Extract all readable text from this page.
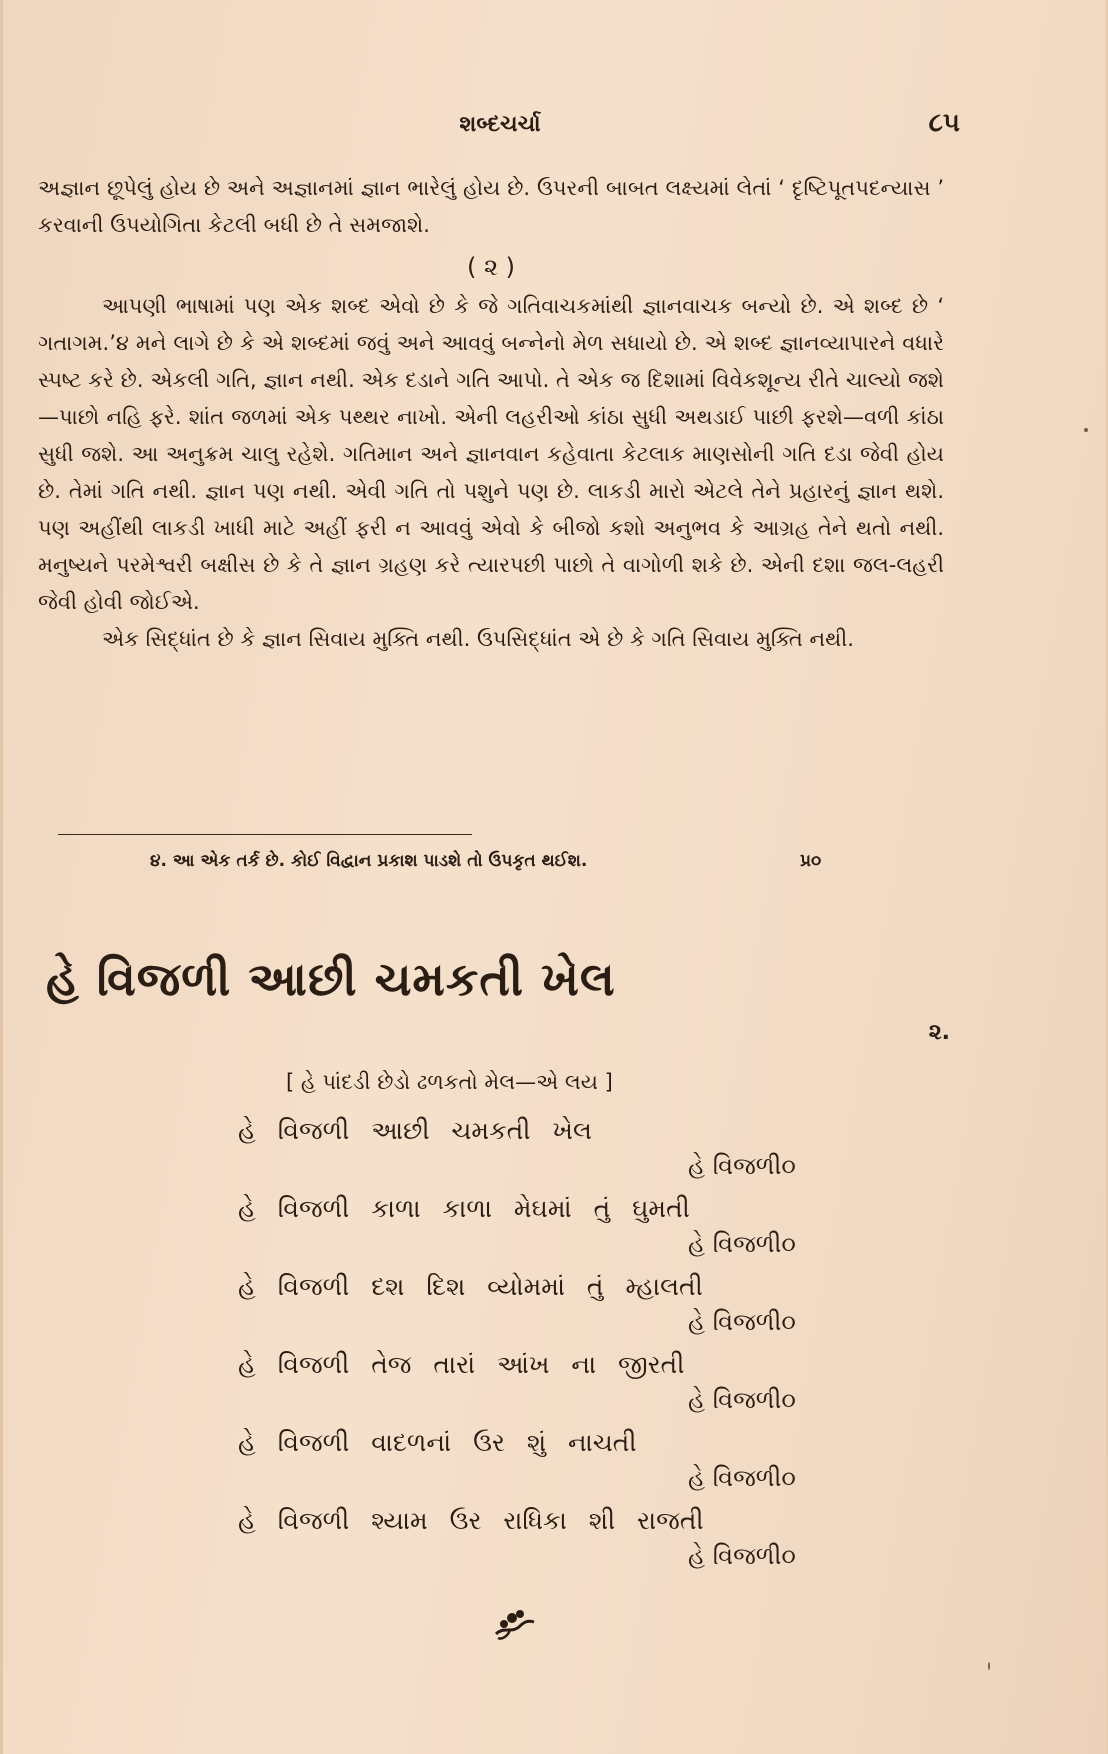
શબ્દચર્ચા	૮૫

અજ્ઞાન છૂપેલું હોય છે અને અજ્ઞાનમાં જ્ઞાન ભારેલું હોય છે. ઉપરની બાબત લક્ષ્યમાં લેતાં ‘ દૃષ્ટિપૂતપદન્યાસ ’ કરવાની ઉપયોગિતા કેટલી બધી છે તે સમજાશે.

( ૨ )

આપણી ભાષામાં પણ એક શબ્દ એવો છે કે જે ગતિવાચકમાંથી જ્ઞાનવાચક બન્યો છે. એ શબ્દ છે ‘ ગતાગમ.’૪ મને લાગે છે કે એ શબ્દમાં જવું અને આવવું બન્નેનો મેળ સધાયો છે. એ શબ્દ જ્ઞાનવ્યાપારને વધારે સ્પષ્ટ કરે છે. એકલી ગતિ, જ્ઞાન નથી. એક દડાને ગતિ આપો. તે એક જ દિશામાં વિવેકશૂન્ય રીતે ચાલ્યો જશે—પાછો નહિ ફરે. શાંત જળમાં એક પથ્થર નાખો. એની લહરીઓ કાંઠા સુધી અથડાઈ પાછી ફરશે—વળી કાંઠા સુધી જશે. આ અનુક્રમ ચાલુ રહેશે. ગતિમાન અને જ્ઞાનવાન કહેવાતા કેટલાક માણસોની ગતિ દડા જેવી હોય છે. તેમાં ગતિ નથી. જ્ઞાન પણ નથી. એવી ગતિ તો પશુને પણ છે. લાકડી મારો એટલે તેને પ્રહારનું જ્ઞાન થશે. પણ અહીંથી લાકડી ખાધી માટે અહીં ફરી ન આવવું એવો કે બીજો કશો અનુભવ કે આગ્રહ તેને થતો નથી. મનુષ્યને પરમેશ્વરી બક્ષીસ છે કે તે જ્ઞાન ગ્રહણ કરે ત્યારપછી પાછો તે વાગોળી શકે છે. એની દશા જલ-લહરી જેવી હોવી જોઈએ.

એક સિદ્ધાંત છે કે જ્ઞાન સિવાય મુક્તિ નથી. ઉપસિદ્ધાંત એ છે કે ગતિ સિવાય મુક્તિ નથી.

૪. આ એક તર્ક છે. કોઈ વિદ્વાન પ્રકાશ પાડશે તો ઉપકૃત થઈશ.	પ્ર૦
હે વિજળી આછી ચમકતી ખેલ
૨.
[ હે પાંદડી છેડો ઢળકતો મેલ—એ લય ]
હે વિજળી આછી ચમકતી ખેલ
હે વિજળી૦
હે વિજળી કાળા કાળા મેઘમાં તું ઘુમતી
હે વિજળી૦
હે વિજળી દશ દિશ વ્યોમમાં તું મ્હાલતી
હે વિજળી૦
હે વિજળી તેજ તારાં આંખ ના જીરતી
હે વિજળી૦
હે વિજળી વાદળનાં ઉર શું નાચતી
હે વિજળી૦
હે વિજળી શ્યામ ઉર રાધિકા શી રાજતી
હે વિજળી૦
